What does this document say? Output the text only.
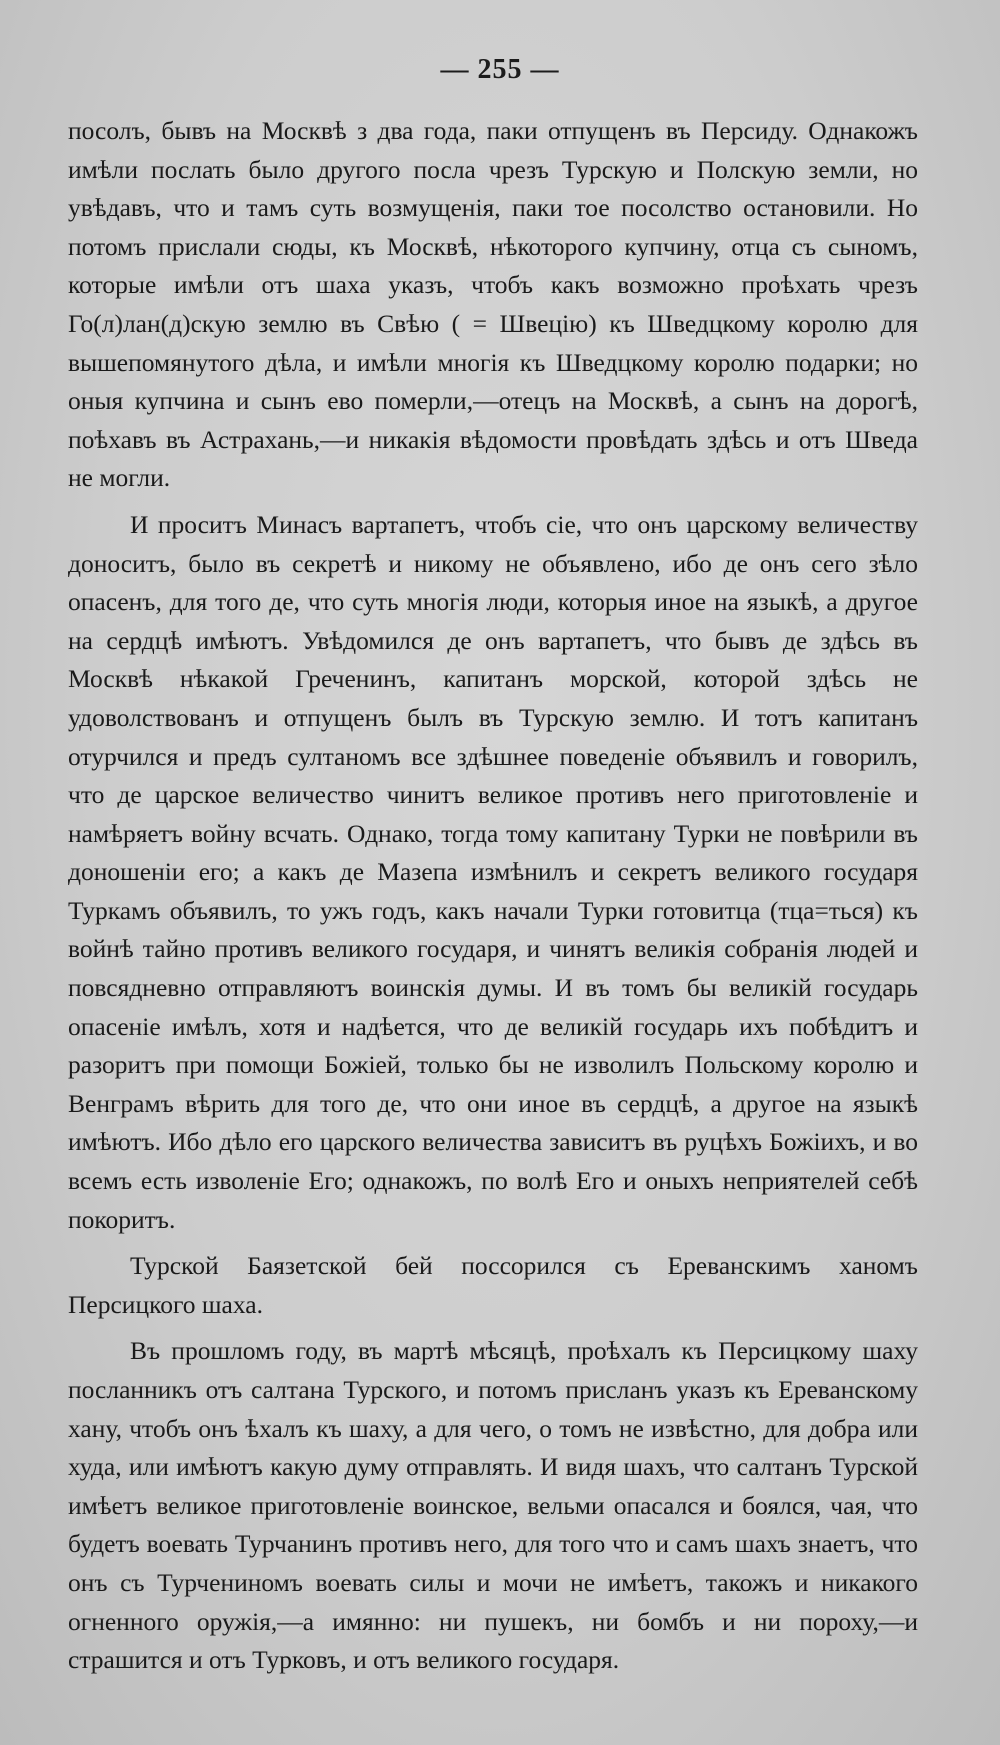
— 255 —

посолъ, бывъ на Москвѣ з два года, паки отпущенъ въ Персиду. Однакожъ имѣли послать было другого посла чрезъ Турскую и Полскую земли, но увѣдавъ, что и тамъ суть возмущенія, паки тое посолство остановили. Но потомъ прислали сюды, къ Москвѣ, нѣкоторого купчину, отца съ сыномъ, которые имѣли отъ шаха указъ, чтобъ какъ возможно проѣхать чрезъ Го(л)лан(д)скую землю въ Свѣю ( = Швецію) къ Шведцкому королю для вышепомянутого дѣла, и имѣли многія къ Шведцкому королю подарки; но оныя купчина и сынъ ево померли,—отецъ на Москвѣ, а сынъ на дорогѣ, поѣхавъ въ Астрахань,—и никакія вѣдомости провѣдать здѣсь и отъ Шведа не могли.

И проситъ Минасъ вартапетъ, чтобъ сіе, что онъ царскому величеству доноситъ, было въ секретѣ и никому не объявлено, ибо де онъ сего зѣло опасенъ, для того де, что суть многія люди, которыя иное на языкѣ, а другое на сердцѣ имѣютъ. Увѣдомился де онъ вартапетъ, что бывъ де здѣсь въ Москвѣ нѣкакой Греченинъ, капитанъ морской, которой здѣсь не удоволствованъ и отпущенъ былъ въ Турскую землю. И тотъ капитанъ отурчился и предъ султаномъ все здѣшнее поведеніе объявилъ и говорилъ, что де царское величество чинитъ великое противъ него приготовленіе и намѣряетъ войну всчать. Однако, тогда тому капитану Турки не повѣрили въ доношеніи его; а какъ де Мазепа измѣнилъ и секретъ великого государя Туркамъ объявилъ, то ужъ годъ, какъ начали Турки готовитца (тца=ться) къ войнѣ тайно противъ великого государя, и чинятъ великія собранія людей и повсядневно отправляютъ воинскія думы. И въ томъ бы великій государь опасеніе имѣлъ, хотя и надѣется, что де великій государь ихъ побѣдитъ и разоритъ при помощи Божіей, только бы не изволилъ Польскому королю и Венграмъ вѣрить для того де, что они иное въ сердцѣ, а другое на языкѣ имѣютъ. Ибо дѣло его царского величества зависитъ въ руцѣхъ Божіихъ, и во всемъ есть изволеніе Его; однакожъ, по волѣ Его и оныхъ неприятелей себѣ покоритъ.

Турской Баязетской бей поссорился съ Ереванскимъ ханомъ Персицкого шаха.

Въ прошломъ году, въ мартѣ мѣсяцѣ, проѣхалъ къ Персицкому шаху посланникъ отъ салтана Турского, и потомъ присланъ указъ къ Ереванскому хану, чтобъ онъ ѣхалъ къ шаху, а для чего, о томъ не извѣстно, для добра или худа, или имѣютъ какую думу отправлять. И видя шахъ, что салтанъ Турской имѣетъ великое приготовленіе воинское, вельми опасался и боялся, чая, что будетъ воевать Турчанинъ противъ него, для того что и самъ шахъ знаетъ, что онъ съ Турчениномъ воевать силы и мочи не имѣетъ, такожъ и никакого огненного оружія,—а имянно: ни пушекъ, ни бомбъ и ни пороху,—и страшится и отъ Турковъ, и отъ великого государя.
